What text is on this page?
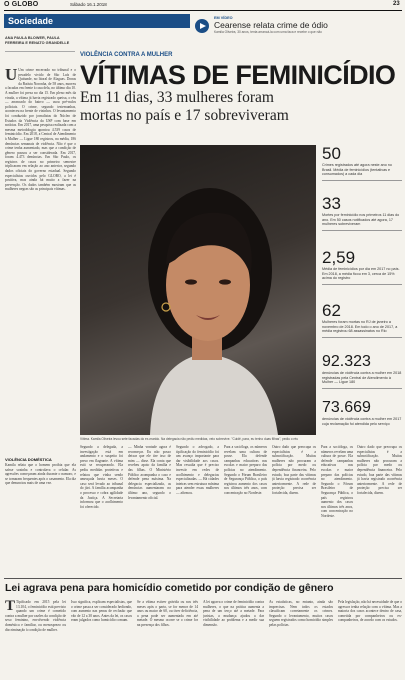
O GLOBO	Sábado 16.1.2018	23
Sociedade	EM VÍDEO
Cearense relata crime de ódio
Kamila Oliveira, 30 anos, tenta arrancá-la com uma faca e recebe o que não
ANA PAULA BLOWER, PAULA FERREIRA E RENATO GRANDELLE
VIOLÊNCIA CONTRA A MULHER
VÍTIMAS DE FEMINICÍDIO
Em 11 dias, 33 mulheres foram mortas no país e 17 sobreviveram
U Um crime encerrado no tribunal e o pesadelo vivido de São Luís de Quitunde, no litoral de Alagoas. Donas da Batista Noronha, de 58 anos, morreu a facadas em frente à casa dela, no último dia 10. A mulher foi presa no dia 15. Em pleno mês da virada, a vítima já havia registrado queixa, o réu — arrancado do bairro — usou pré-nulos policiais. O crime, segundo testemunhas, aconteceu na frente de vizinhos. O levantamento foi conduzido por jornalistas do Núcleo de Estudos da Violência da USP com base em notícias. Em 2017, uma pesquisa realizada com a mesma metodologia apontou 4.539 casos de feminicídio. Em 2018, a Central de Atendimento à Mulher — Ligue 180 registrou, na média, 186 denúncias semanais de violência. Não é que o crime tenha aumentado, mas que a condição de gênero passou a ser considerada. Em 2017, foram 4.473 denúncias. Em São Paulo, os registros de casos no primeiro semestre triplicaram em relação ao ano anterior, segundo dados oficiais do governo estadual. Segundo especialistas ouvidos pelo GLOBO, a lei é positiva, mas ainda há muito a fazer na prevenção. Os dados também mostram que as mulheres negras são as principais vítimas.
VIOLÊNCIA DOMÉSTICA
Kamila relata que o homem proibia que ela saísse sozinha e controlava o celular. As agressões começaram ainda durante o namoro, e se tornaram frequentes após o casamento. Ela diz que denunciou mais de uma vez.
Vítima. Kamila Oliveira levou sete facadas do ex-marido. Na delegacia não pediu medidas, veio sobrevive. "Cuidê, para, eu tenho duas filhas", pediu o réu
Segundo a delegada, a investigação está em andamento e o suspeito foi preso em flagrante. A vítima está se recuperando. Ela pediu medidas protetivas e relatou que vinha sendo ameaçada havia meses. O caso será levado ao tribunal do júri. A família acompanha o processo e cobra agilidade da Justiça. A Secretaria informou que o acolhimento foi oferecido.
— Minha vontade agora é recomeçar. Eu não posso deixar que ele tire isso de mim — disse. Ela conta que recebeu apoio da família e das filhas. O Ministério Público acompanha o caso e defende pena máxima. Na delegacia especializada, as denúncias aumentaram no último ano, segundo o levantamento oficial.
Segundo o advogado, a tipificação do feminicídio foi um avanço importante para dar visibilidade aos casos. Mas ressalta que é preciso investir em redes de acolhimento e delegacias especializadas. — Há cidades inteiras sem estrutura mínima para atender essas mulheres — afirmou.
Para a socióloga, os números revelam uma cultura de posse. Ela defende campanhas educativas nas escolas e maior preparo das polícias no atendimento. Segundo o Fórum Brasileiro de Segurança Pública, o país registrou aumento dos casos nos últimos três anos, com concentração no Nordeste.
Outro dado que preocupa os especialistas é a subnotificação. Muitas mulheres não procuram a polícia por medo ou dependência financeira. Pelo estudo, boa parte das vítimas já havia registrado ocorrência anteriormente. A rede de proteção precisa ser fortalecida, dizem.
Outro dado que preocupa os especialistas é a subnotificação. Muitas mulheres não procuram a polícia por medo ou dependência financeira. Pelo estudo, boa parte das vítimas já havia registrado ocorrência anteriormente. A rede de proteção precisa ser fortalecida, dizem.
Para a socióloga, os números revelam uma cultura de posse. Ela defende campanhas educativas nas escolas e maior preparo das polícias no atendimento. Segundo o Fórum Brasileiro de Segurança Pública, o país registrou aumento dos casos nos últimos três anos, com concentração no Nordeste.
50
Crimes registrados até agora neste ano no Brasil. Média de feminicídios (tentativas e consumados) a cada dia
33
Mortes por feminicídio nos primeiros 11 dias do ano. Em 50 casos notificados até agora, 17 mulheres sobreviveram
2,59
Média de feminicídios por dia em 2017 no país. Em 2018, a média ficou em 3, cerca de 15% acima do registro
62
Mulheres foram mortas no RJ de janeiro a novembro de 2018. Em todo o ano de 2017, a média registrou 68 assassinatos no Rio
92.323
denúncias de violência contra a mulher em 2018 registradas pela Central de Atendimento à Mulher — Ligue 180
73.669
denúncias de violência contra a mulher em 2017 cuja reclamação foi atendida pelo serviço
Lei agrava pena para homicídio cometido por condição de gênero
T Tipificado em 2015 pela lei 13.104, o feminicídio está previsto quando um crime é cometido contra a mulher por razões da condição de sexo feminino, envolvendo violência doméstica e familiar, ou menosprezo ou discriminação à condição de mulher.
Isso significa, explicam especialistas, que o crime passa a ser considerado hediondo, com aumento nas penas de reclusão que vão de 12 a 30 anos. Antes da lei, os casos eram julgados como homicídio comum.
Se a vítima estiver grávida ou nos três meses após o parto, se for menor de 14 anos ou maior de 60, ou tiver deficiência, a pena pode ser aumentada em até metade. O mesmo ocorre se o crime for na presença dos filhos.
A lei agrava o crime de feminicídio contra mulheres, o que na prática aumenta a pena de um terço até a metade. Para juristas, a mudança ajudou a dar visibilidade ao problema e a medir sua dimensão.
As estatísticas, no entanto, ainda são imprecisas. Nem todos os estados classificam corretamente os crimes. Segundo o levantamento, muitos casos seguem registrados como homicídio simples pelas polícias.
Pela legislação, não há necessidade de que o agressor tenha relação com a vítima. Mas a maioria dos casos acontece dentro de casa, cometida por companheiros ou ex-companheiros, de acordo com os estudos.
